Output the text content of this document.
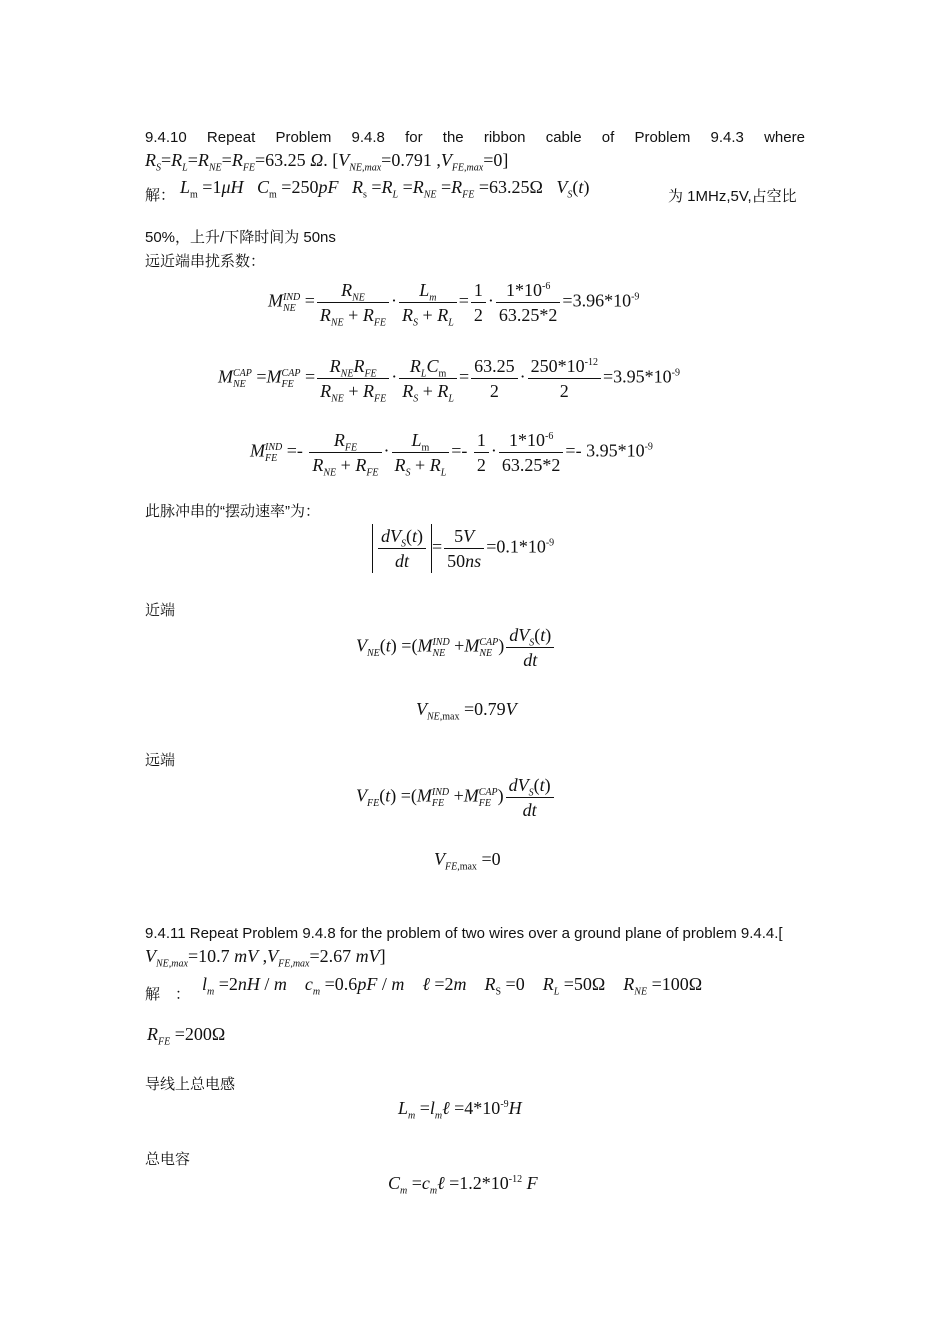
9.4.10 Repeat Problem 9.4.8 for the ribbon cable of Problem 9.4.3 where
$R_S=R_L=R_{NE}=R_{FE}=63.25$ Ω. [$V_{NE,max}=0.791$ $,V_{FE,max}=0$]
解： $L_m =1\mu H$ $C_m =250pF$ $R_s =R_L =R_{NE} =R_{FE} =63.25\Omega$   $V_S(t)$	为 1MHz,5V,占空比
50%，上升/下降时间为 50ns
远近端串扰系数：
MIND
NE = $\frac{R_{NE}}{R_{NE} + R_{FE}} \cdot \frac{L_m}{R_S + R_L} = \frac{1}{2} \cdot \frac{1*10^{-6}}{63.25*2} =3.96*10^{-9}$
MCAP
NE =MCAP
FE = $\frac{R_{NE}R_{FE}}{R_{NE} + R_{FE}} \cdot \frac{R_LC_m}{R_S + R_L} = \frac{63.25}{2} \cdot \frac{250*10^{-12}}{2} =3.95*10^{-9}$
MIND
FE =- $\frac{R_{FE}}{R_{NE} + R_{FE}} \cdot \frac{L_m}{R_S + R_L} =- \frac{1}{2} \cdot \frac{1*10^{-6}}{63.25*2} =- 3.95*10^{-9}$
此脉冲串的“摆动速率”为：
$\frac{dV_S(t)}{dt} = \frac{5V}{50ns} =0.1*10^{-9}$
近端
$V_{NE}(t)$ =(MIND
NE +MCAP
NE ) $\frac{dV_S(t)}{dt}$
$V_{NE,max} =0.79V$
远端
$V_{FE}(t)$ =(MIND
FE +MCAP
FE ) $\frac{dV_S(t)}{dt}$
$V_{FE,max} =0$
9.4.11 Repeat Problem 9.4.8 for the problem of two wires over a ground plane of problem 9.4.4.[
$V_{NE,max}=10.7$ mV $,V_{FE,max}=2.67$ mV]
解　：
$l_m =2nH / m$ $c_m =0.6pF / m$ ℓ =2m $R_S =0$    $R_L =50\Omega$    $R_{NE} =100\Omega$
$R_{FE} =200\Omega$
导线上总电感
$L_m$ $=l_m\ell =4*10^{-9}H$
总电容
$C_m$ $=c_m\ell =1.2*10^{-12}$ F
